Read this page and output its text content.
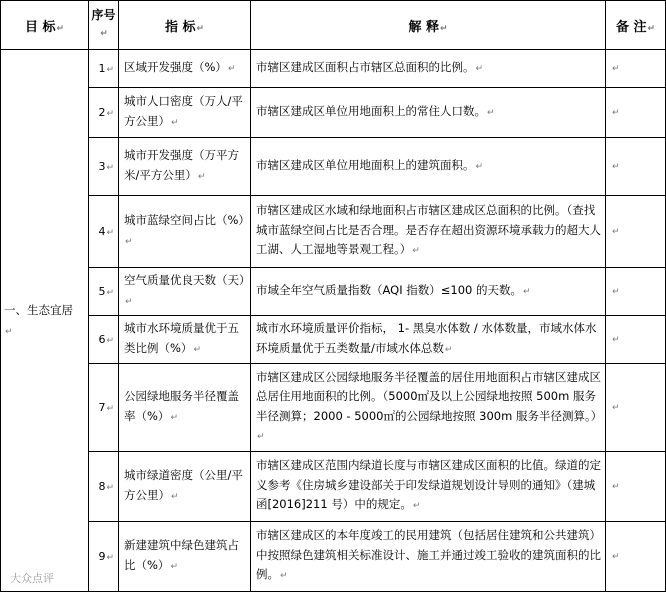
目 标↵	序号↵	指 标↵	解 释↵	备 注↵
一、生态宜居
↵	1↵	区域开发强度（%）↵	市辖区建成区面积占市辖区总面积的比例。↵	↵
	2↵	城市人口密度（万人/平方公里）↵	市辖区建成区单位用地面积上的常住人口数。↵	↵
	3↵	城市开发强度（万平方米/平方公里）↵	市辖区建成区单位用地面积上的建筑面积。↵	↵
	4↵	城市蓝绿空间占比（%）↵	市辖区建成区水域和绿地面积占市辖区建成区总面积的比例。（查找城市蓝绿空间占比是否合理。是否存在超出资源环境承载力的超大人工湖、人工湿地等景观工程。）↵	↵
	5↵	空气质量优良天数（天）↵	市域全年空气质量指数（AQI 指数）≤100 的天数。↵	↵
	6↵	城市水环境质量优于五类比例（%）↵	城市水环境质量评价指标， 1- 黑臭水体数 / 水体数量，市域水体水环境质量优于五类数量/市域水体总数↵	↵
	7↵	公园绿地服务半径覆盖率（%）↵	市辖区建成区公园绿地服务半径覆盖的居住用地面积占市辖区建成区总居住用地面积的比例。（5000㎡及以上公园绿地按照 500m 服务半径测算；2000 - 5000㎡的公园绿地按照 300m 服务半径测算。）↵	↵
	8↵	城市绿道密度（公里/平方公里）↵	市辖区建成区范围内绿道长度与市辖区建成区面积的比值。绿道的定义参考《住房城乡建设部关于印发绿道规划设计导则的通知》（建城函[2016]211 号）中的规定。↵	↵
	9↵	新建建筑中绿色建筑占比（%）↵	市辖区建成区的本年度竣工的民用建筑（包括居住建筑和公共建筑）中按照绿色建筑相关标准设计、施工并通过竣工验收的建筑面积的比例。↵	↵
大众点评
